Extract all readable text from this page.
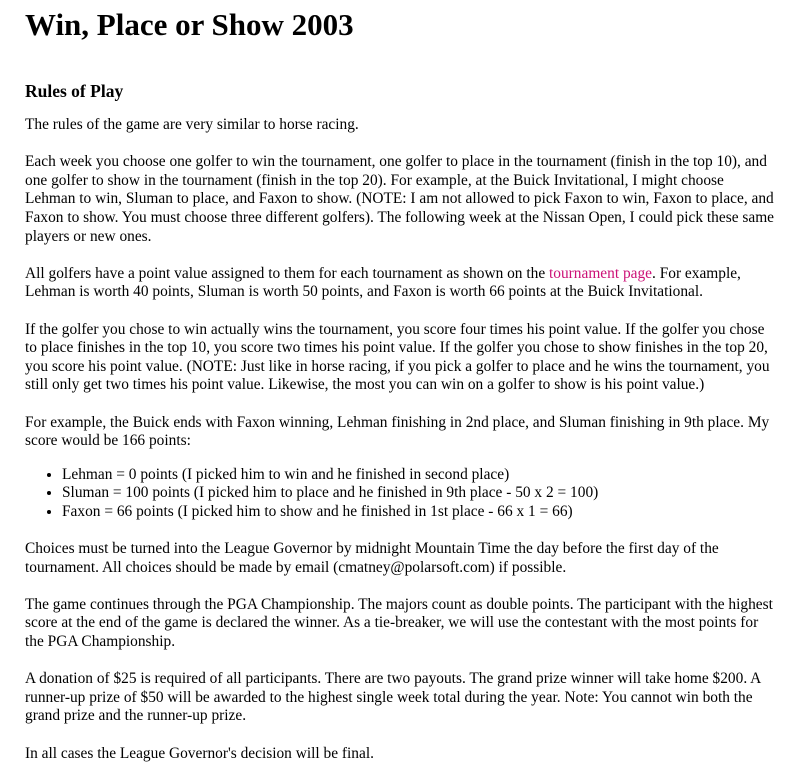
Win, Place or Show 2003
Rules of Play

The rules of the game are very similar to horse racing.

Each week you choose one golfer to win the tournament, one golfer to place in the tournament (finish in the top 10), and one golfer to show in the tournament (finish in the top 20). For example, at the Buick Invitational, I might choose Lehman to win, Sluman to place, and Faxon to show. (NOTE: I am not allowed to pick Faxon to win, Faxon to place, and Faxon to show. You must choose three different golfers). The following week at the Nissan Open, I could pick these same players or new ones.

All golfers have a point value assigned to them for each tournament as shown on the tournament page. For example, Lehman is worth 40 points, Sluman is worth 50 points, and Faxon is worth 66 points at the Buick Invitational.

If the golfer you chose to win actually wins the tournament, you score four times his point value. If the golfer you chose to place finishes in the top 10, you score two times his point value. If the golfer you chose to show finishes in the top 20, you score his point value. (NOTE: Just like in horse racing, if you pick a golfer to place and he wins the tournament, you still only get two times his point value. Likewise, the most you can win on a golfer to show is his point value.)

For example, the Buick ends with Faxon winning, Lehman finishing in 2nd place, and Sluman finishing in 9th place. My score would be 166 points:

• Lehman = 0 points (I picked him to win and he finished in second place)
• Sluman = 100 points (I picked him to place and he finished in 9th place - 50 x 2 = 100)
• Faxon = 66 points (I picked him to show and he finished in 1st place - 66 x 1 = 66)

Choices must be turned into the League Governor by midnight Mountain Time the day before the first day of the tournament. All choices should be made by email (cmatney@polarsoft.com) if possible.

The game continues through the PGA Championship. The majors count as double points. The participant with the highest score at the end of the game is declared the winner. As a tie-breaker, we will use the contestant with the most points for the PGA Championship.

A donation of $25 is required of all participants. There are two payouts. The grand prize winner will take home $200. A runner-up prize of $50 will be awarded to the highest single week total during the year. Note: You cannot win both the grand prize and the runner-up prize.

In all cases the League Governor's decision will be final.
